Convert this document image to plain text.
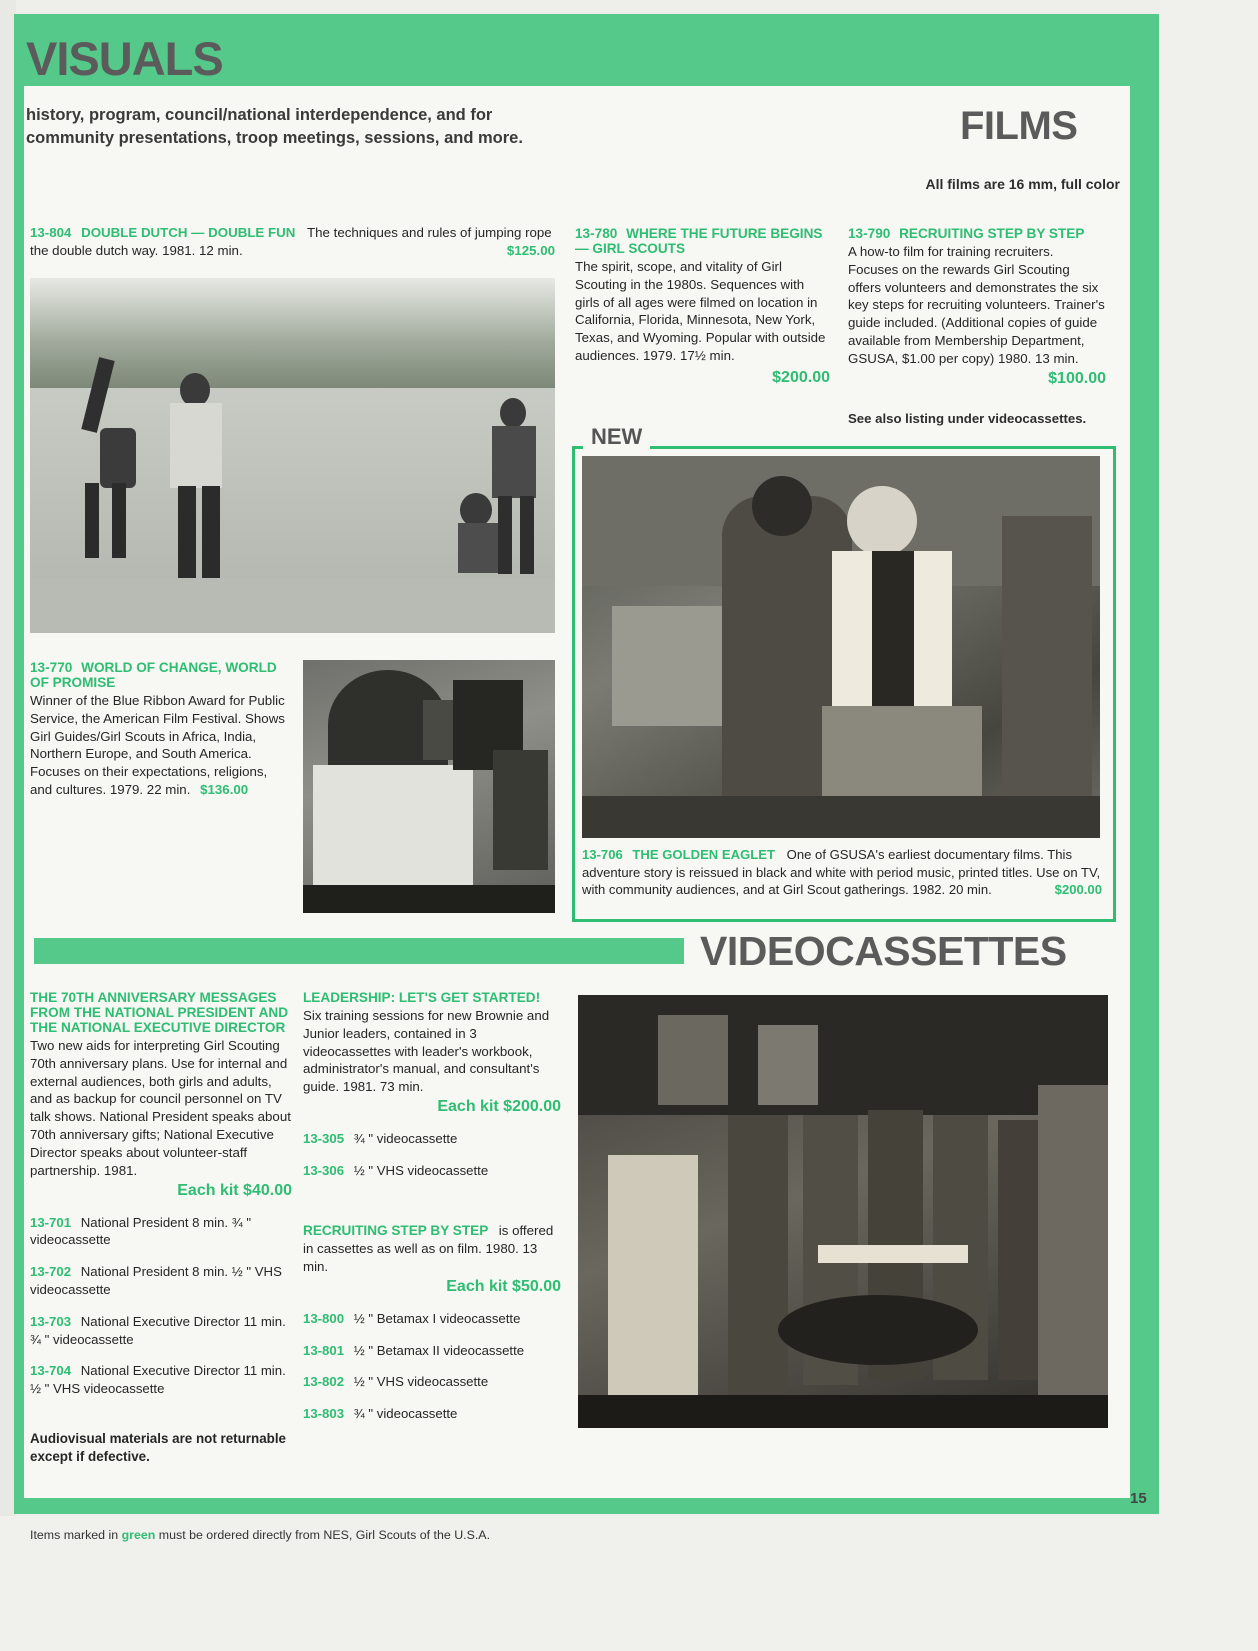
VISUALS
history, program, council/national interdependence, and for community presentations, troop meetings, sessions, and more.	FILMS
All films are 16 mm, full color
13-804 DOUBLE DUTCH — DOUBLE FUN The techniques and rules of jumping rope the double dutch way. 1981. 12 min.	$125.00
13-770 WORLD OF CHANGE, WORLD OF PROMISE
Winner of the Blue Ribbon Award for Public Service, the American Film Festival. Shows Girl Guides/Girl Scouts in Africa, India, Northern Europe, and South America. Focuses on their expectations, religions, and cultures. 1979. 22 min. $136.00
13-780 WHERE THE FUTURE BEGINS — GIRL SCOUTS
The spirit, scope, and vitality of Girl Scouting in the 1980s. Sequences with girls of all ages were filmed on location in California, Florida, Minnesota, New York, Texas, and Wyoming. Popular with outside audiences. 1979. 17½ min.
$200.00
13-790 RECRUITING STEP BY STEP
A how-to film for training recruiters. Focuses on the rewards Girl Scouting offers volunteers and demonstrates the six key steps for recruiting volunteers. Trainer's guide included. (Additional copies of guide available from Membership Department, GSUSA, $1.00 per copy) 1980. 13 min.
$100.00
See also listing under videocassettes.
NEW
13-706 THE GOLDEN EAGLET One of GSUSA's earliest documentary films. This adventure story is reissued in black and white with period music, printed titles. Use on TV, with community audiences, and at Girl Scout gatherings. 1982. 20 min.	$200.00
VIDEOCASSETTES
THE 70TH ANNIVERSARY MESSAGES FROM THE NATIONAL PRESIDENT AND THE NATIONAL EXECUTIVE DIRECTOR
Two new aids for interpreting Girl Scouting 70th anniversary plans. Use for internal and external audiences, both girls and adults, and as backup for council personnel on TV talk shows. National President speaks about 70th anniversary gifts; National Executive Director speaks about volunteer-staff partnership. 1981.
Each kit $40.00
13-701 National President 8 min. ¾ " videocassette
13-702 National President 8 min. ½ " VHS videocassette
13-703 National Executive Director 11 min. ¾ " videocassette
13-704 National Executive Director 11 min. ½ " VHS videocassette
Audiovisual materials are not returnable except if defective.
LEADERSHIP: LET'S GET STARTED!
Six training sessions for new Brownie and Junior leaders, contained in 3 videocassettes with leader's workbook, administrator's manual, and consultant's guide. 1981. 73 min.
Each kit $200.00
13-305 ¾ " videocassette
13-306 ½ " VHS videocassette
RECRUITING STEP BY STEP is offered in cassettes as well as on film. 1980. 13 min.
Each kit $50.00
13-800 ½ " Betamax I videocassette
13-801 ½ " Betamax II videocassette
13-802 ½ " VHS videocassette
13-803 ¾ " videocassette
15
Items marked in green must be ordered directly from NES, Girl Scouts of the U.S.A.
